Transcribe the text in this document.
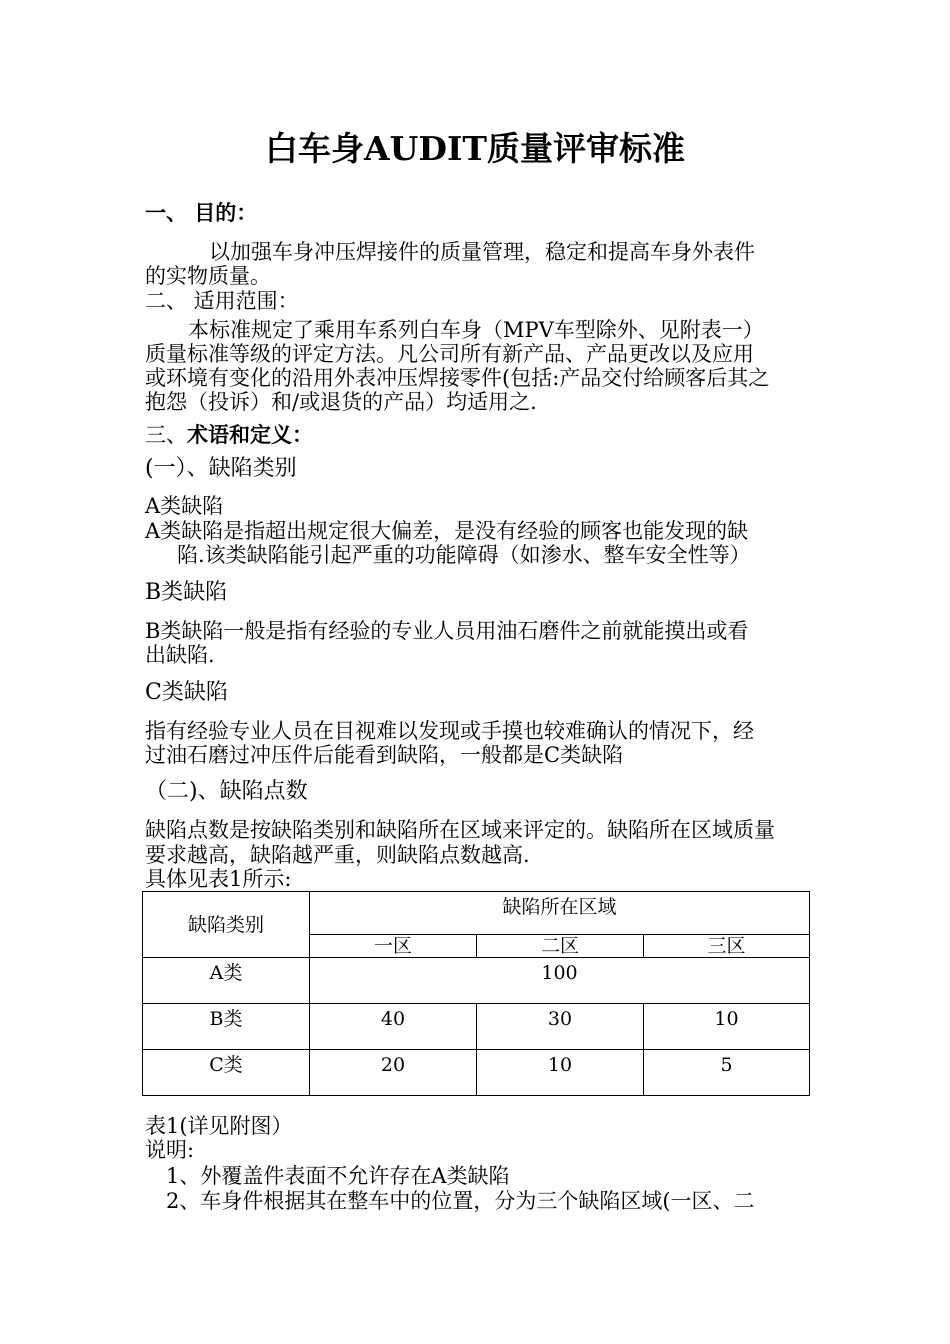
白车身AUDIT质量评审标准
一、 目的：
以加强车身冲压焊接件的质量管理，稳定和提高车身外表件
的实物质量。
二、 适用范围：
本标准规定了乘用车系列白车身（MPV车型除外、见附表一）
质量标准等级的评定方法。凡公司所有新产品、产品更改以及应用
或环境有变化的沿用外表冲压焊接零件(包括:产品交付给顾客后其之
抱怨（投诉）和/或退货的产品）均适用之.
三、术语和定义：
(一）、缺陷类别
A类缺陷
A类缺陷是指超出规定很大偏差，是没有经验的顾客也能发现的缺
陷.该类缺陷能引起严重的功能障碍（如渗水、整车安全性等）
B类缺陷
B类缺陷一般是指有经验的专业人员用油石磨件之前就能摸出或看
出缺陷.
C类缺陷
指有经验专业人员在目视难以发现或手摸也较难确认的情况下，经
过油石磨过冲压件后能看到缺陷，一般都是C类缺陷
（二)、缺陷点数
缺陷点数是按缺陷类别和缺陷所在区域来评定的。缺陷所在区域质量
要求越高，缺陷越严重，则缺陷点数越高.
具体见表1所示:
缺陷类别	缺陷所在区域		
	一区	二区	三区
A类	100		
B类	40	30	10
C类	20	10	5
表1(详见附图）
说明:
1、外覆盖件表面不允许存在A类缺陷
2、车身件根据其在整车中的位置，分为三个缺陷区域(一区、二
